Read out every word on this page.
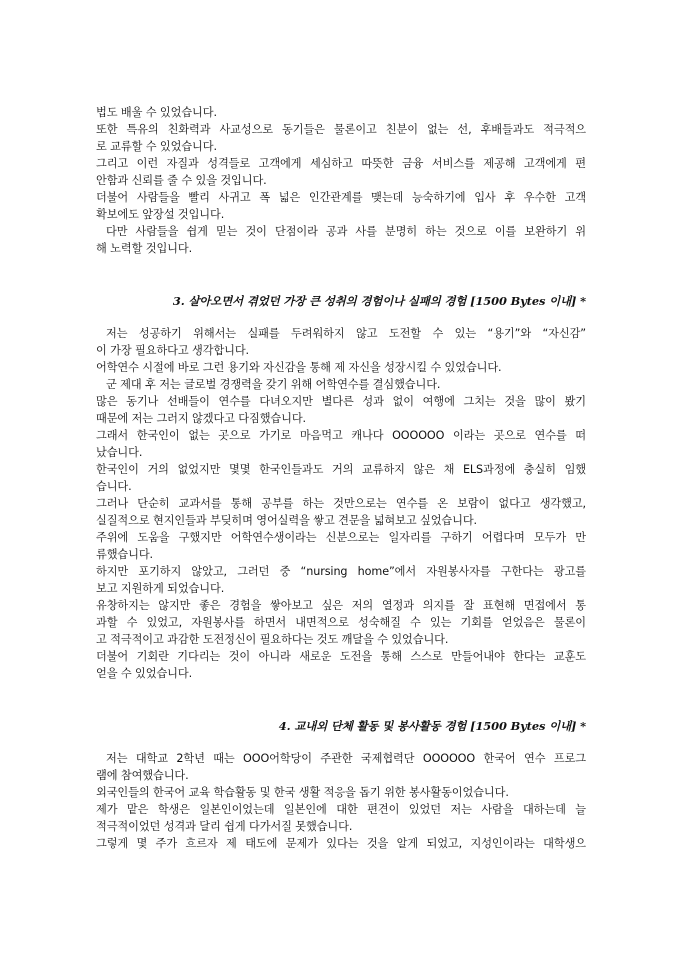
법도 배울 수 있었습니다.
또한 특유의 친화력과 사교성으로 동기들은 물론이고 친분이 없는 선, 후배들과도 적극적으
로 교류할 수 있었습니다.
그리고 이런 자질과 성격들로 고객에게 세심하고 따뜻한 금융 서비스를 제공해 고객에게 편
안함과 신뢰를 줄 수 있을 것입니다.
더불어 사람들을 빨리 사귀고 폭 넓은 인간관계를 맺는데 능숙하기에 입사 후 우수한 고객
확보에도 앞장설 것입니다.
다만 사람들을 쉽게 믿는 것이 단점이라 공과 사를 분명히 하는 것으로 이를 보완하기 위
해 노력할 것입니다.
3. 살아오면서 겪었던 가장 큰 성취의 경험이나 실패의 경험 [1500 Bytes 이내] *
저는 성공하기 위해서는 실패를 두려워하지 않고 도전할 수 있는 “용기”와 “자신감”
이 가장 필요하다고 생각합니다.
어학연수 시절에 바로 그런 용기와 자신감을 통해 제 자신을 성장시킬 수 있었습니다.
군 제대 후 저는 글로벌 경쟁력을 갖기 위해 어학연수를 결심했습니다.
많은 동기나 선배들이 연수를 다녀오지만 별다른 성과 없이 여행에 그치는 것을 많이 봤기
때문에 저는 그러지 않겠다고 다짐했습니다.
그래서 한국인이 없는 곳으로 가기로 마음먹고 캐나다 OOOOOO 이라는 곳으로 연수를 떠
났습니다.
한국인이 거의 없었지만 몇몇 한국인들과도 거의 교류하지 않은 채 ELS과정에 충실히 임했
습니다.
그러나 단순히 교과서를 통해 공부를 하는 것만으로는 연수를 온 보람이 없다고 생각했고,
실질적으로 현지인들과 부딪히며 영어실력을 쌓고 견문을 넓혀보고 싶었습니다.
주위에 도움을 구했지만 어학연수생이라는 신분으로는 일자리를 구하기 어렵다며 모두가 만
류했습니다.
하지만 포기하지 않았고, 그러던 중 “nursing home”에서 자원봉사자를 구한다는 광고를
보고 지원하게 되었습니다.
유창하지는 않지만 좋은 경험을 쌓아보고 싶은 저의 열정과 의지를 잘 표현해 면접에서 통
과할 수 있었고, 자원봉사를 하면서 내면적으로 성숙해질 수 있는 기회를 얻었음은 물론이
고 적극적이고 과감한 도전정신이 필요하다는 것도 깨달을 수 있었습니다.
더불어 기회란 기다리는 것이 아니라 새로운 도전을 통해 스스로 만들어내야 한다는 교훈도
얻을 수 있었습니다.
4. 교내외 단체 활동 및 봉사활동 경험 [1500 Bytes 이내] *
저는 대학교 2학년 때는 OOO어학당이 주관한 국제협력단 OOOOOO 한국어 연수 프로그
램에 참여했습니다.
외국인들의 한국어 교육 학습활동 및 한국 생활 적응을 돕기 위한 봉사활동이었습니다.
제가 맡은 학생은 일본인이었는데 일본인에 대한 편견이 있었던 저는 사람을 대하는데 늘
적극적이었던 성격과 달리 쉽게 다가서질 못했습니다.
그렇게 몇 주가 흐르자 제 태도에 문제가 있다는 것을 알게 되었고, 지성인이라는 대학생으
